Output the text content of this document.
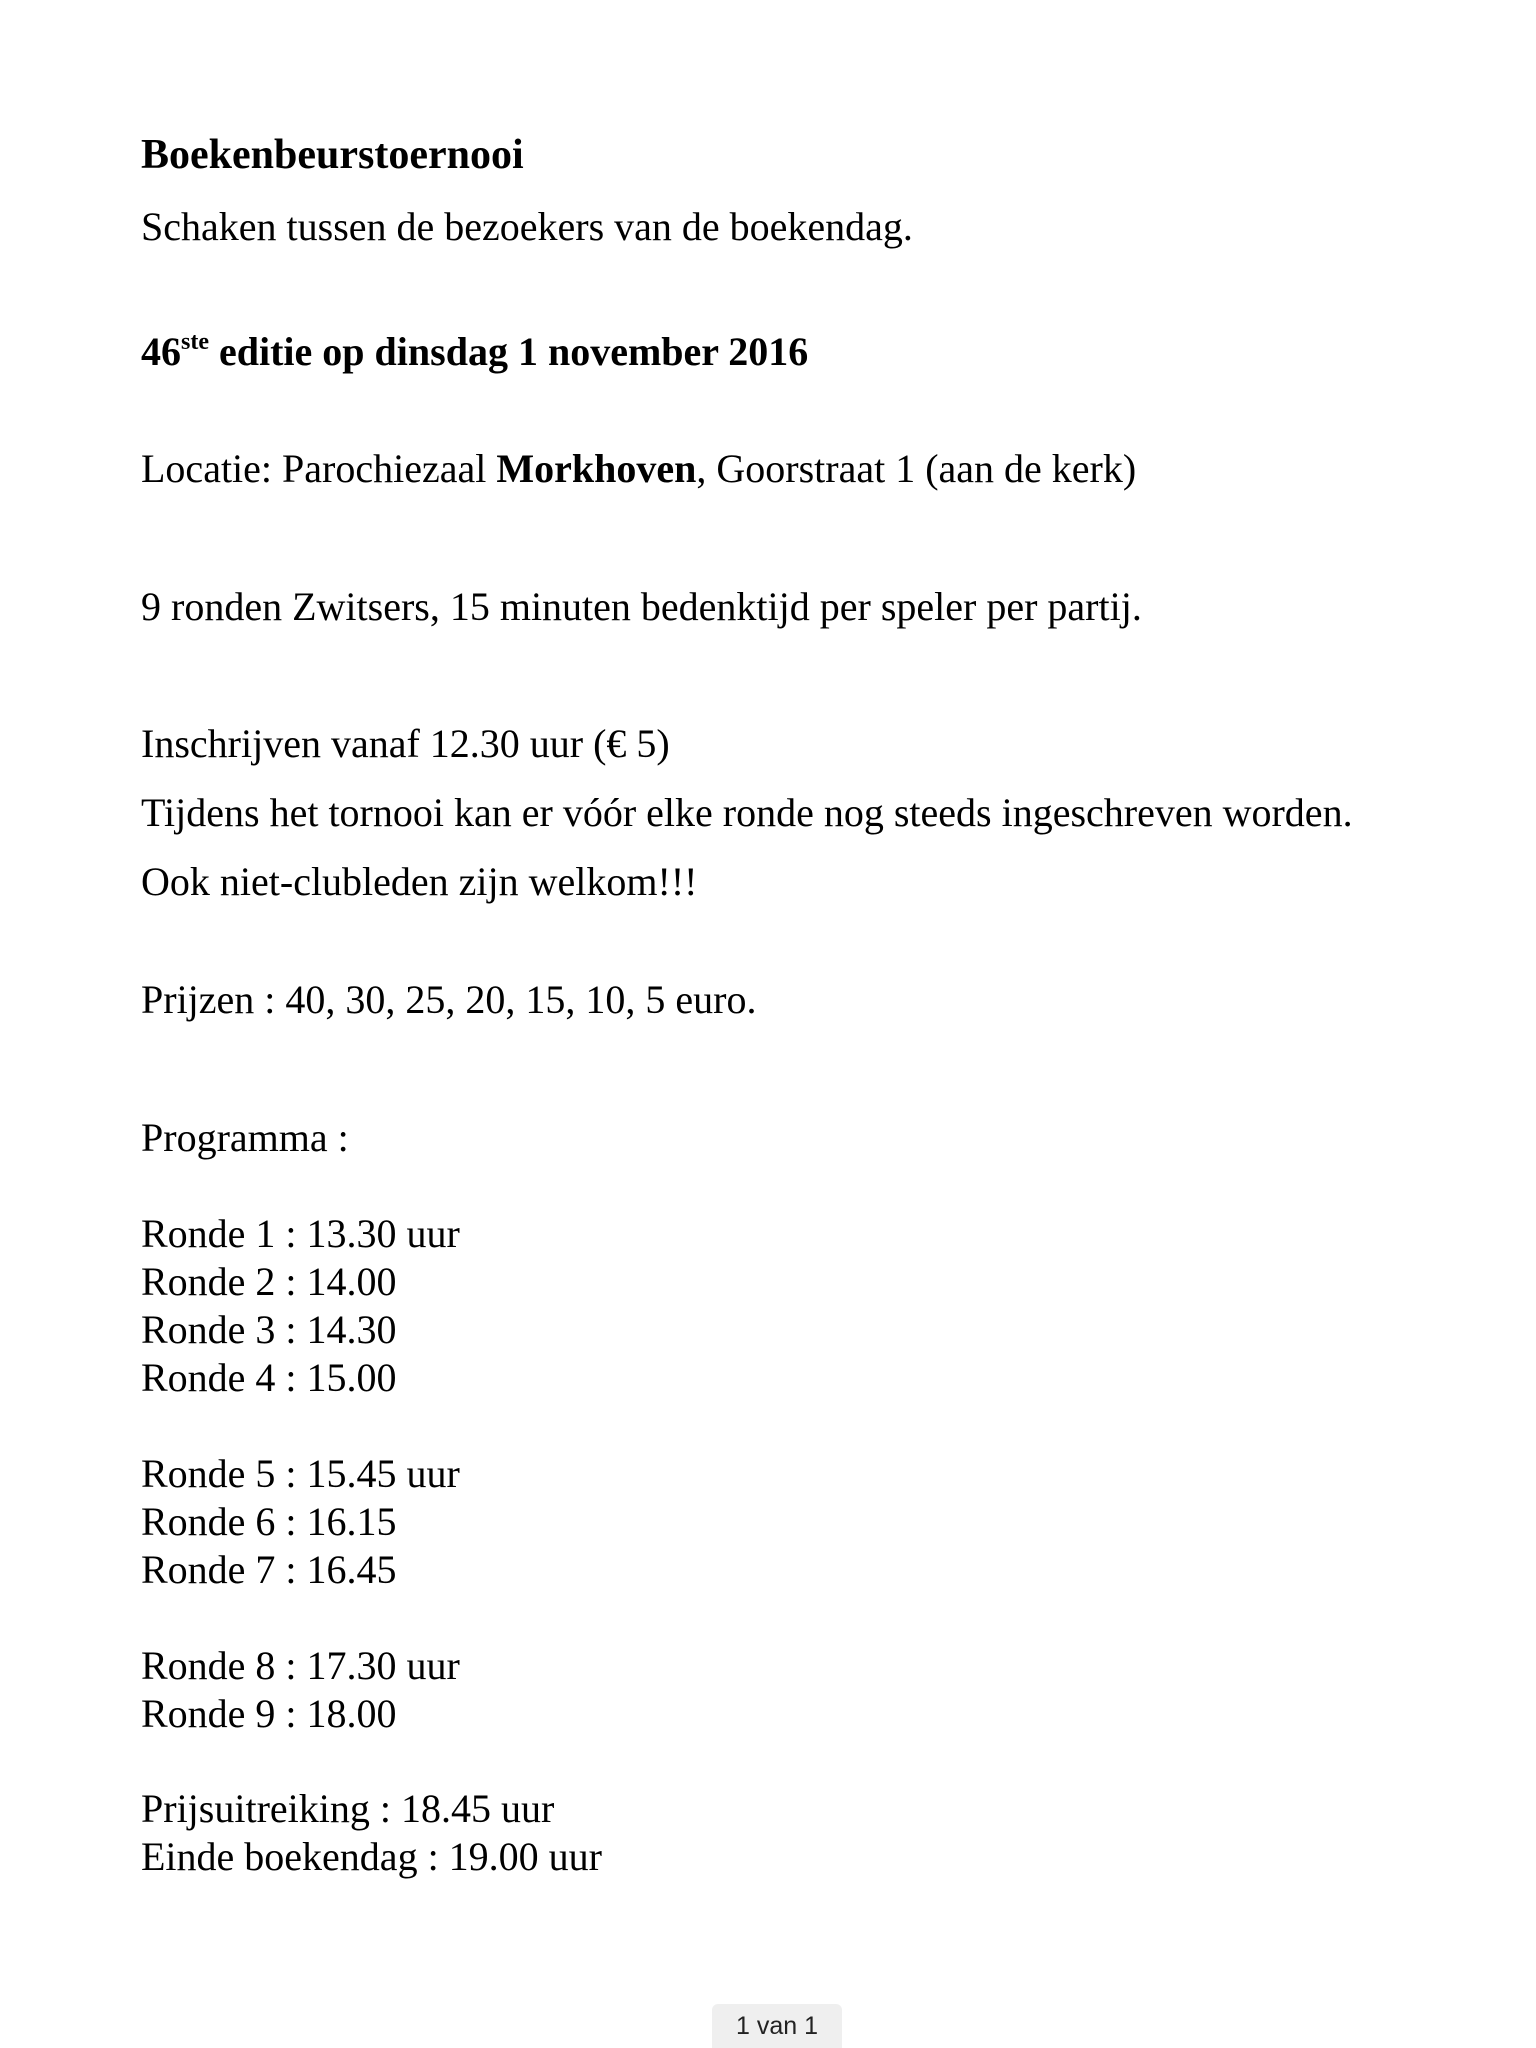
Boekenbeurstoernooi
Schaken tussen de bezoekers van de boekendag.
46ste editie op dinsdag 1 november 2016
Locatie: Parochiezaal Morkhoven, Goorstraat 1 (aan de kerk)
9 ronden Zwitsers, 15 minuten bedenktijd per speler per partij.
Inschrijven vanaf 12.30 uur (€ 5)
Tijdens het tornooi kan er vóór elke ronde nog steeds ingeschreven worden.
Ook niet-clubleden zijn welkom!!!
Prijzen : 40, 30, 25, 20, 15, 10, 5 euro.
Programma :
Ronde 1 : 13.30 uur
Ronde 2 : 14.00
Ronde 3 : 14.30
Ronde 4 : 15.00
Ronde 5 : 15.45 uur
Ronde 6 : 16.15
Ronde 7 : 16.45
Ronde 8 : 17.30 uur
Ronde 9 : 18.00
Prijsuitreiking : 18.45 uur
Einde boekendag : 19.00 uur
1 van 1
